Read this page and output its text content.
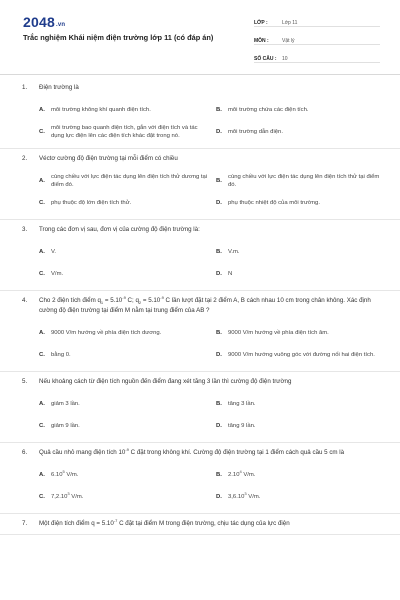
2048.vn
Trắc nghiệm Khái niệm điện trường lớp 11 (có đáp án)
LỚP :	Lớp 11
MÔN :	Vật lý
SỐ CÂU :	10
1.	Điện trường là
A.	môi trường không khí quanh điện tích.	B.	môi trường chứa các điện tích.
C.
môi trường bao quanh điện tích, gắn với điện tích và tác dụng lực điện lên các điện tích khác đặt trong nó.
D.	môi trường dẫn điện.
2.	Véctơ cường độ điện trường tại mỗi điểm có chiều
A.
cùng chiều với lực điện tác dụng lên điện tích thử dương tại điểm đó.
B.
cùng chiều với lực điện tác dụng lên điện tích thử tại điểm đó.
C.	phụ thuộc độ lớn điện tích thử.	D.	phụ thuộc nhiệt độ của môi trường.
3.	Trong các đơn vị sau, đơn vị của cường độ điện trường là:
A.	V.	B.	V.m.
C.	V/m.	D.	N
4.	Cho 2 điện tích điểm $q_1 = 5.10^{-9}$ C; $q_2 = 5.10^{-9}$ C lần lượt đặt tại 2 điểm A, B cách nhau 10 cm trong chân không. Xác định cường độ điện trường tại điểm M nằm tại trung điểm của AB ?
A.	9000 V/m hướng về phía điện tích dương.	B.	9000 V/m hướng về phía điện tích âm.
C.	bằng 0.	D.	9000 V/m hướng vuông góc với đường nối hai điện tích.
5.	Nếu khoảng cách từ điện tích nguồn đến điểm đang xét tăng 3 lần thì cường độ điện trường
A.	giảm 3 lần.	B.	tăng 3 lần.
C.	giảm 9 lần.	D.	tăng 9 lần.
6.	Quả cầu nhỏ mang điện tích $10^{-9}$ C đặt trong không khí. Cường độ điện trường tại 1 điểm cách quả cầu 5 cm là
A.	6.10$^5$ V/m.	B.	2.10$^4$ V/m.
C.	7,2.10$^3$ V/m.	D.	3,6.10$^3$ V/m.
7.	Một điện tích điểm $q = 5.10^{-7}$ C đặt tại điểm M trong điện trường, chịu tác dụng của lực điện
